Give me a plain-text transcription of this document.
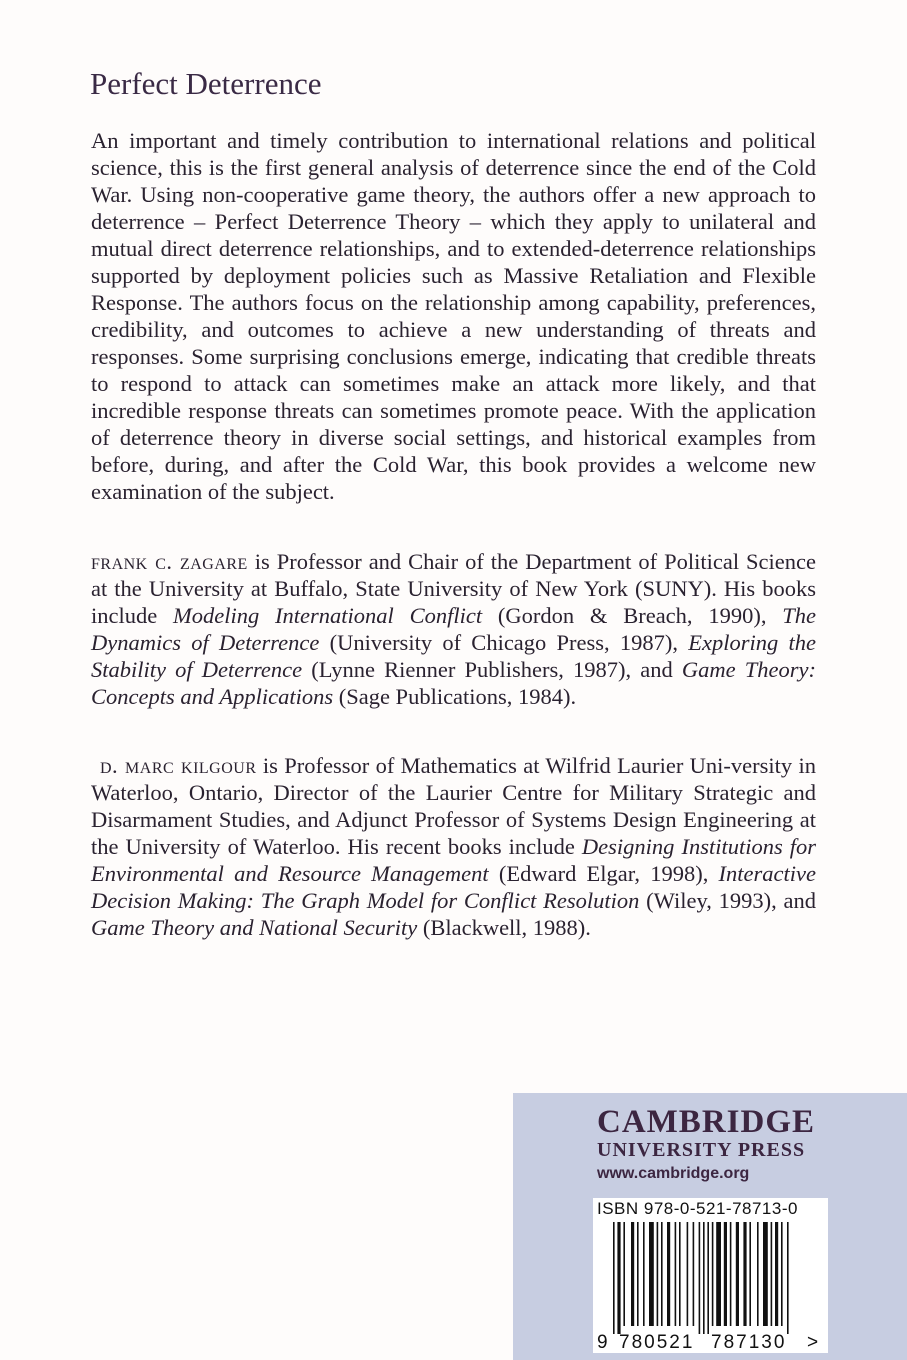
Perfect Deterrence

An important and timely contribution to international relations and political science, this is the first general analysis of deterrence since the end of the Cold War. Using non-cooperative game theory, the authors offer a new approach to deterrence – Perfect Deterrence Theory – which they apply to unilateral and mutual direct deterrence relationships, and to extended-deterrence relationships supported by deployment policies such as Massive Retaliation and Flexible Response. The authors focus on the relationship among capability, preferences, credibility, and outcomes to achieve a new understanding of threats and responses. Some surprising conclusions emerge, indicating that credible threats to respond to attack can sometimes make an attack more likely, and that incredible response threats can sometimes promote peace. With the application of deterrence theory in diverse social settings, and historical examples from before, during, and after the Cold War, this book provides a welcome new examination of the subject.

frank c. zagare is Professor and Chair of the Department of Political Science at the University at Buffalo, State University of New York (SUNY). His books include Modeling International Conflict (Gordon & Breach, 1990), The Dynamics of Deterrence (University of Chicago Press, 1987), Exploring the Stability of Deterrence (Lynne Rienner Publishers, 1987), and Game Theory: Concepts and Applications (Sage Publications, 1984).

d. marc kilgour is Professor of Mathematics at Wilfrid Laurier Uni-versity in Waterloo, Ontario, Director of the Laurier Centre for Military Strategic and Disarmament Studies, and Adjunct Professor of Systems Design Engineering at the University of Waterloo. His recent books include Designing Institutions for Environmental and Resource Management (Edward Elgar, 1998), Interactive Decision Making: The Graph Model for Conflict Resolution (Wiley, 1993), and Game Theory and National Security (Blackwell, 1988).

CAMBRIDGE
UNIVERSITY PRESS
www.cambridge.org
9 780521 787130 >
ISBN 978-0-521-78713-0
